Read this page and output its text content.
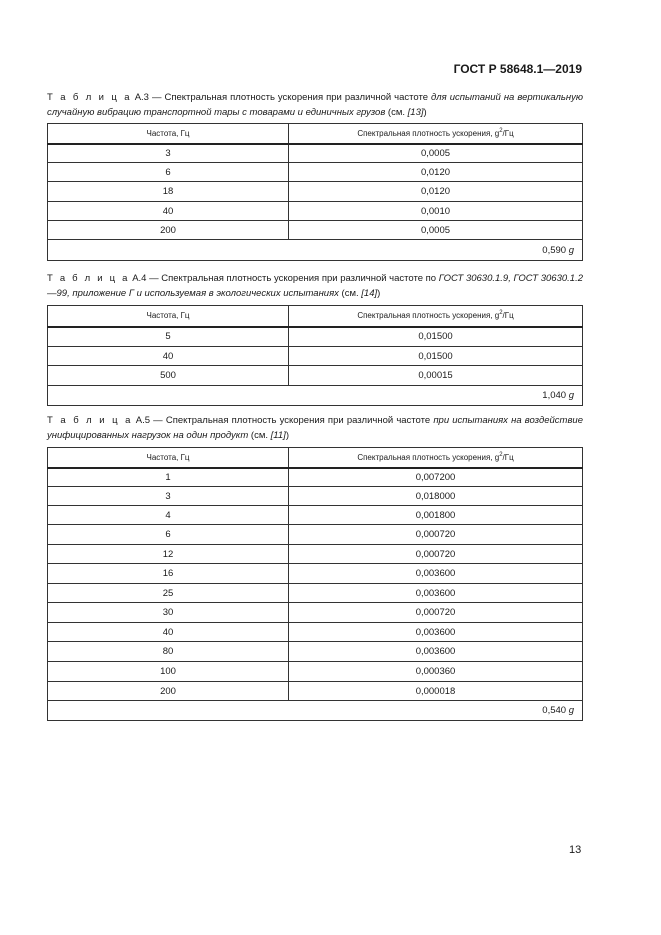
ГОСТ Р 58648.1—2019
Т а б л и ц а А.3 — Спектральная плотность ускорения при различной частоте для испытаний на вертикальную случайную вибрацию транспортной тары с товарами и единичных грузов (см. [13])
Частота, Гц	Спектральная плотность ускорения, $g^2/Гц$
3	0,0005
6	0,0120
18	0,0120
40	0,0010
200	0,0005
0,590 g	
Т а б л и ц а А.4 — Спектральная плотность ускорения при различной частоте по ГОСТ 30630.1.9, ГОСТ 30630.1.2—99, приложение Г и используемая в экологических испытаниях (см. [14])
Частота, Гц	Спектральная плотность ускорения, $g^2/Гц$
5	0,01500
40	0,01500
500	0,00015
1,040 g	
Т а б л и ц а А.5 — Спектральная плотность ускорения при различной частоте при испытаниях на воздействие унифицированных нагрузок на один продукт (см. [11])
Частота, Гц	Спектральная плотность ускорения, $g^2/Гц$
1	0,007200
3	0,018000
4	0,001800
6	0,000720
12	0,000720
16	0,003600
25	0,003600
30	0,000720
40	0,003600
80	0,003600
100	0,000360
200	0,000018
0,540 g	
13
